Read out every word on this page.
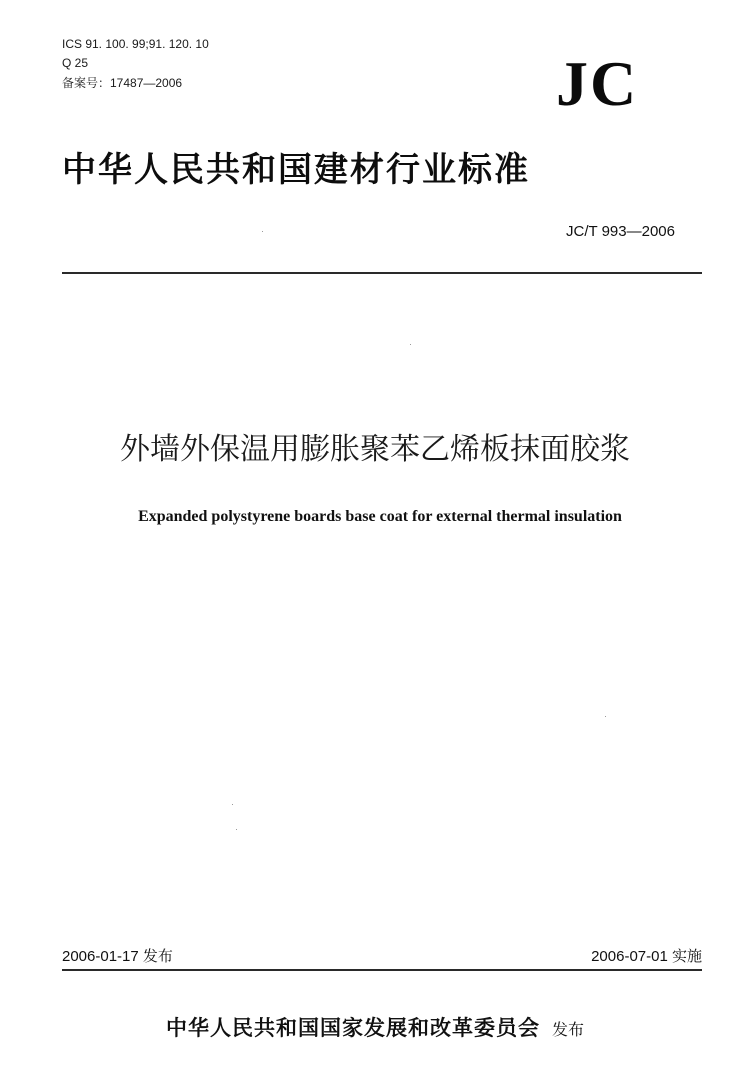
ICS 91. 100. 99;91. 120. 10
Q 25
备案号：17487—2006	JC
中华人民共和国建材行业标准
JC/T 993—2006
外墙外保温用膨胀聚苯乙烯板抹面胶浆
Expanded polystyrene boards base coat for external thermal insulation
2006-01-17 发布	2006-07-01 实施
中华人民共和国国家发展和改革委员会 发布
